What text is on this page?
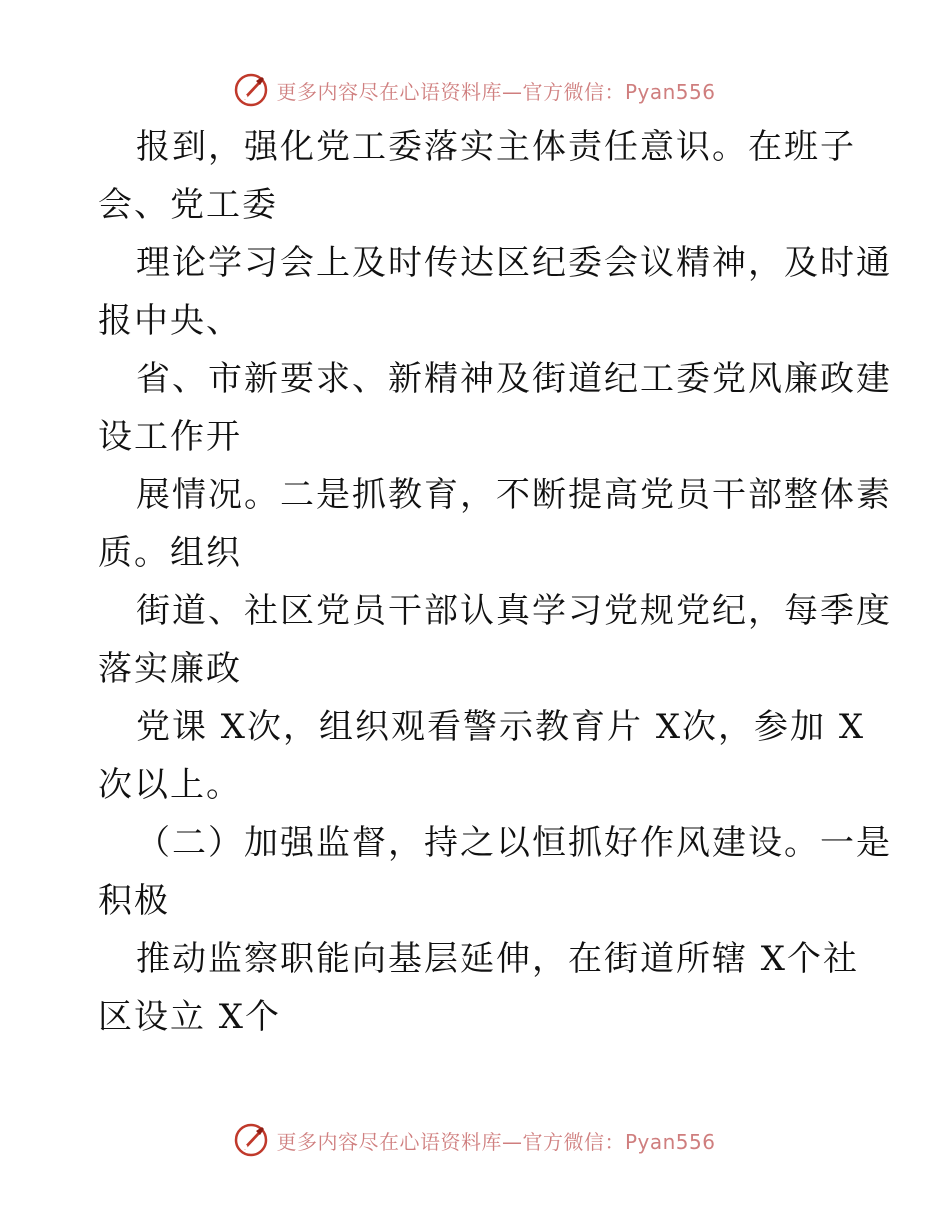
更多内容尽在心语资料库—官方微信：Pyan556

报到，强化党工委落实主体责任意识。在班子

会、党工委

理论学习会上及时传达区纪委会议精神，及时通

报中央、

省、市新要求、新精神及街道纪工委党风廉政建

设工作开

展情况。二是抓教育，不断提高党员干部整体素

质。组织

街道、社区党员干部认真学习党规党纪，每季度

落实廉政

党课 X次，组织观看警示教育片 X次，参加 X

次以上。

（二）加强监督，持之以恒抓好作风建设。一是

积极

推动监察职能向基层延伸，在街道所辖 X个社

区设立 X个

更多内容尽在心语资料库—官方微信：Pyan556
